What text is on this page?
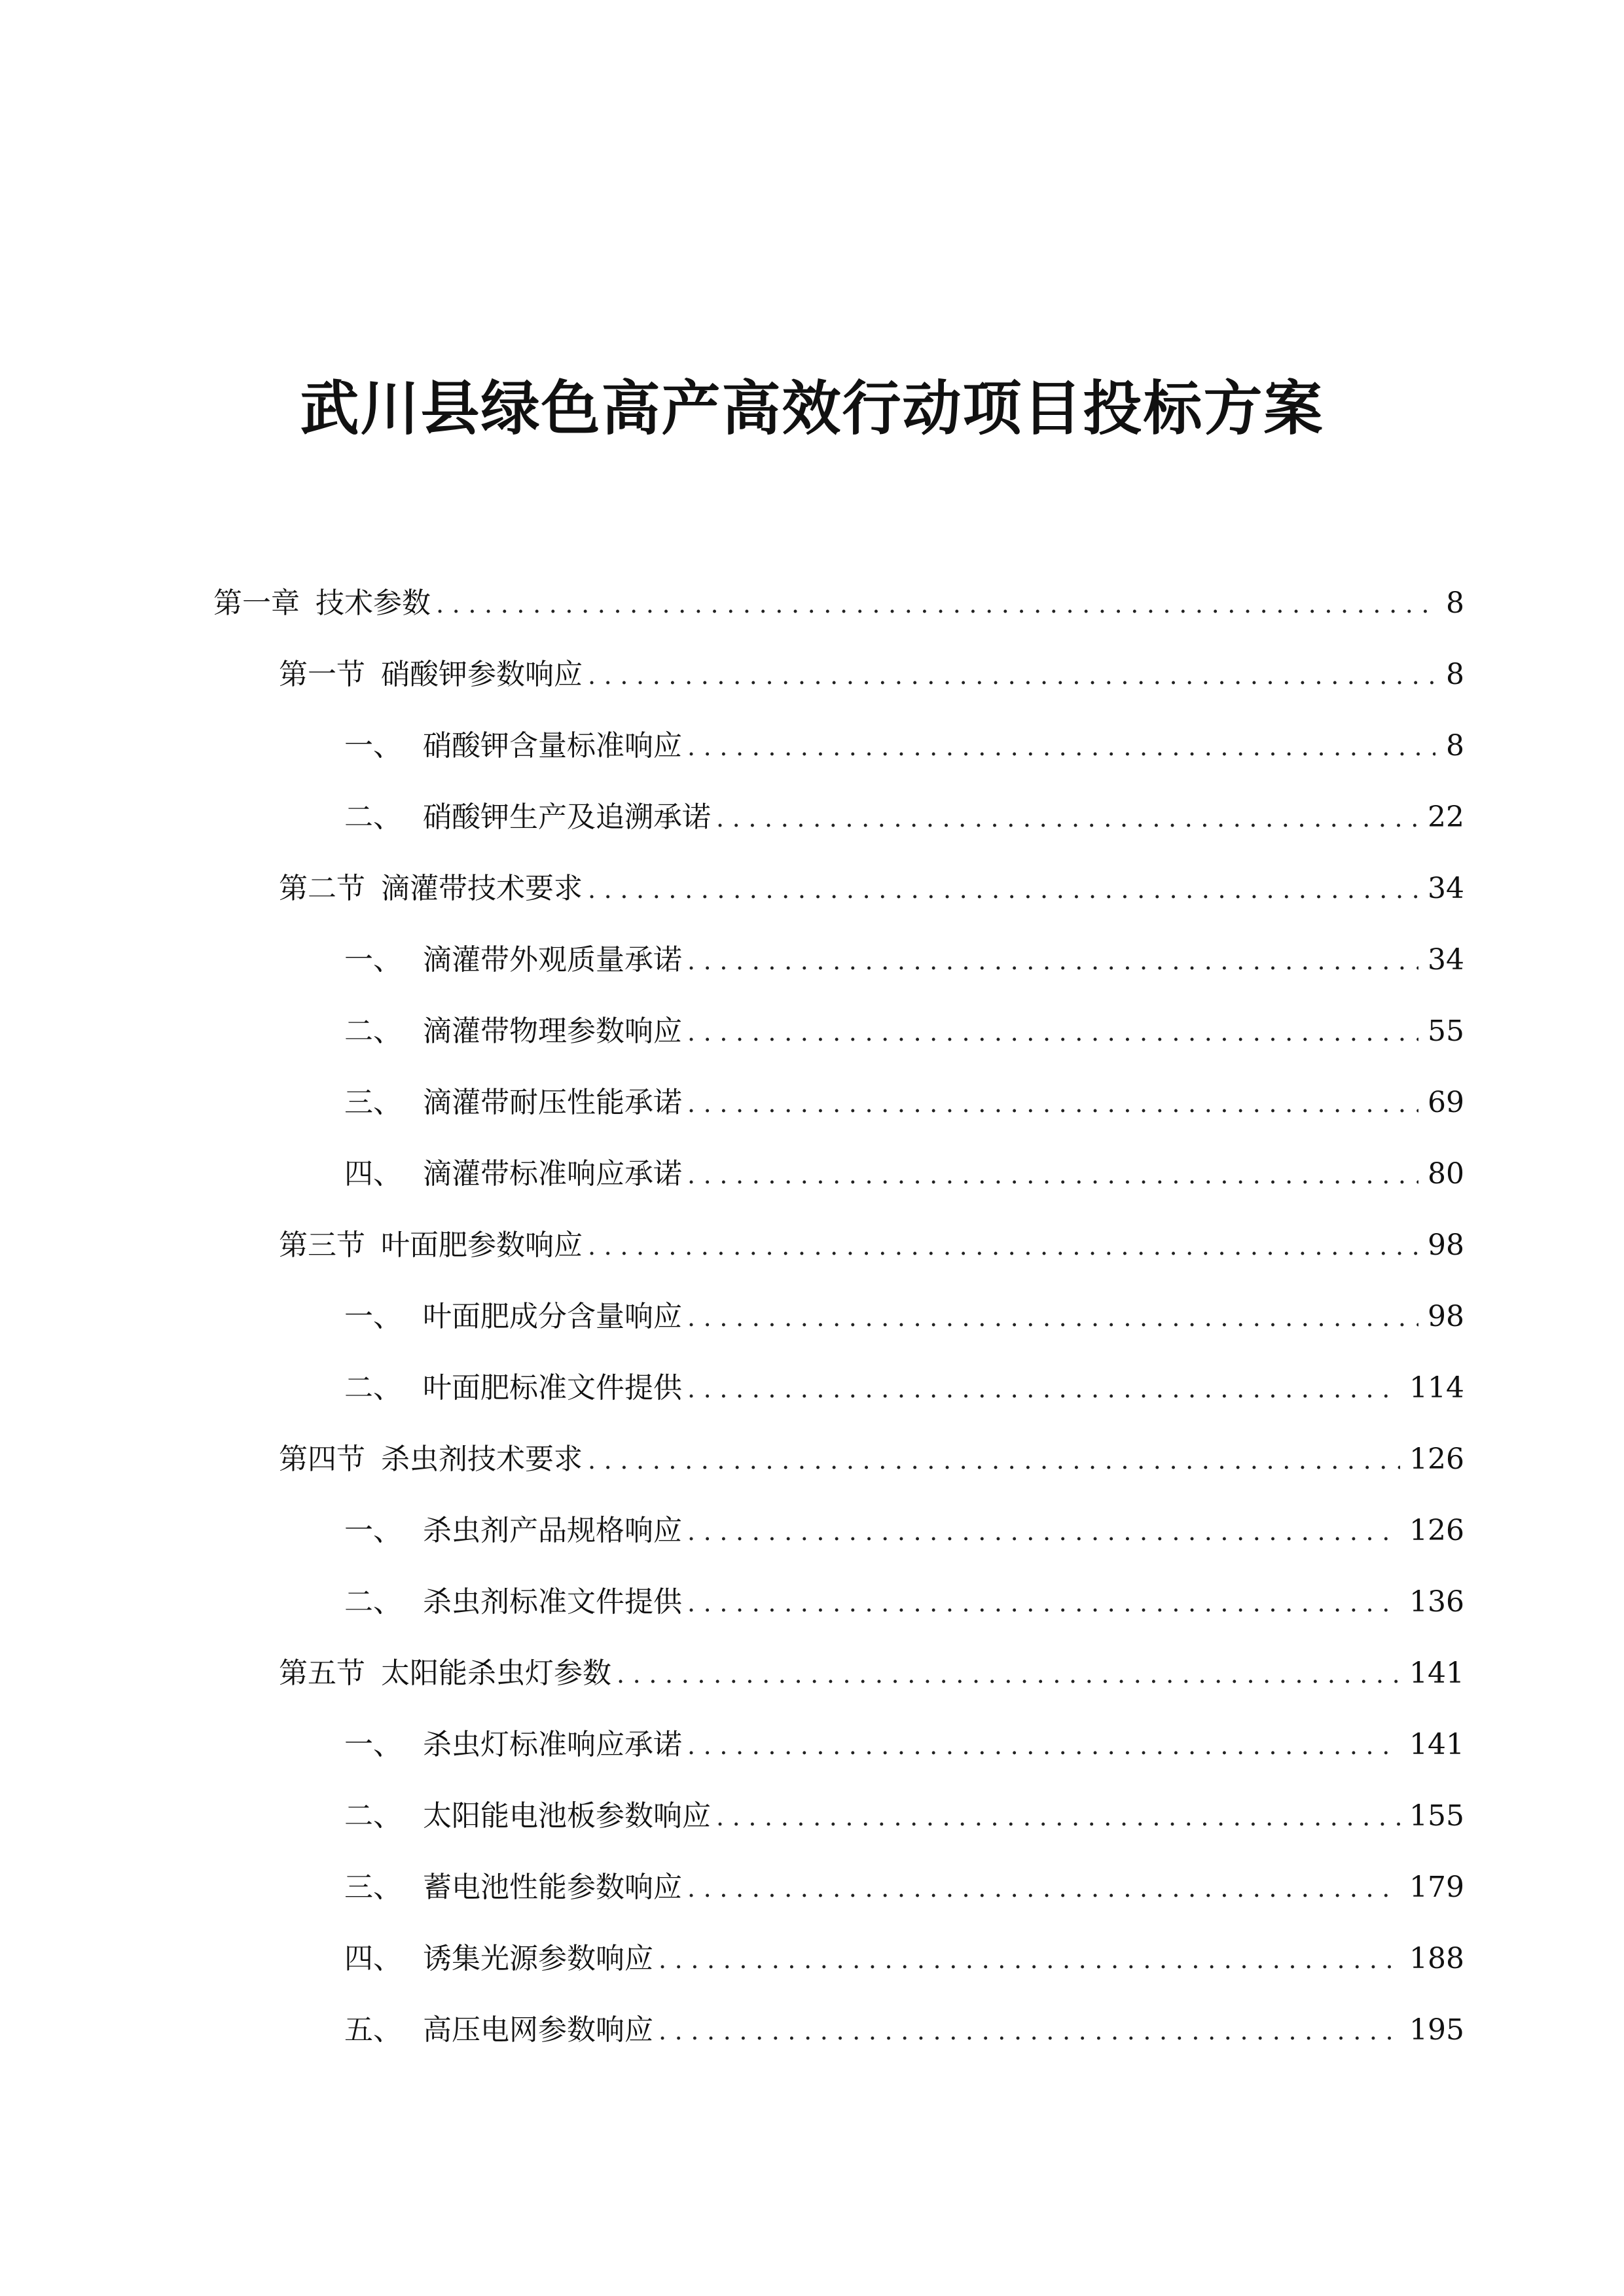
武川县绿色高产高效行动项目投标方案
第一章 技术参数 .....	8
第一节 硝酸钾参数响应 .....	8
一、 硝酸钾含量标准响应 .....	8
二、 硝酸钾生产及追溯承诺 .....	22
第二节 滴灌带技术要求 .....	34
一、 滴灌带外观质量承诺 .....	34
二、 滴灌带物理参数响应 .....	55
三、 滴灌带耐压性能承诺 .....	69
四、 滴灌带标准响应承诺 .....	80
第三节 叶面肥参数响应 .....	98
一、 叶面肥成分含量响应 .....	98
二、 叶面肥标准文件提供 .....	114
第四节 杀虫剂技术要求 .....	126
一、 杀虫剂产品规格响应 .....	126
二、 杀虫剂标准文件提供 .....	136
第五节 太阳能杀虫灯参数 .....	141
一、 杀虫灯标准响应承诺 .....	141
二、 太阳能电池板参数响应 .....	155
三、 蓄电池性能参数响应 .....	179
四、 诱集光源参数响应 .....	188
五、 高压电网参数响应 .....	195
